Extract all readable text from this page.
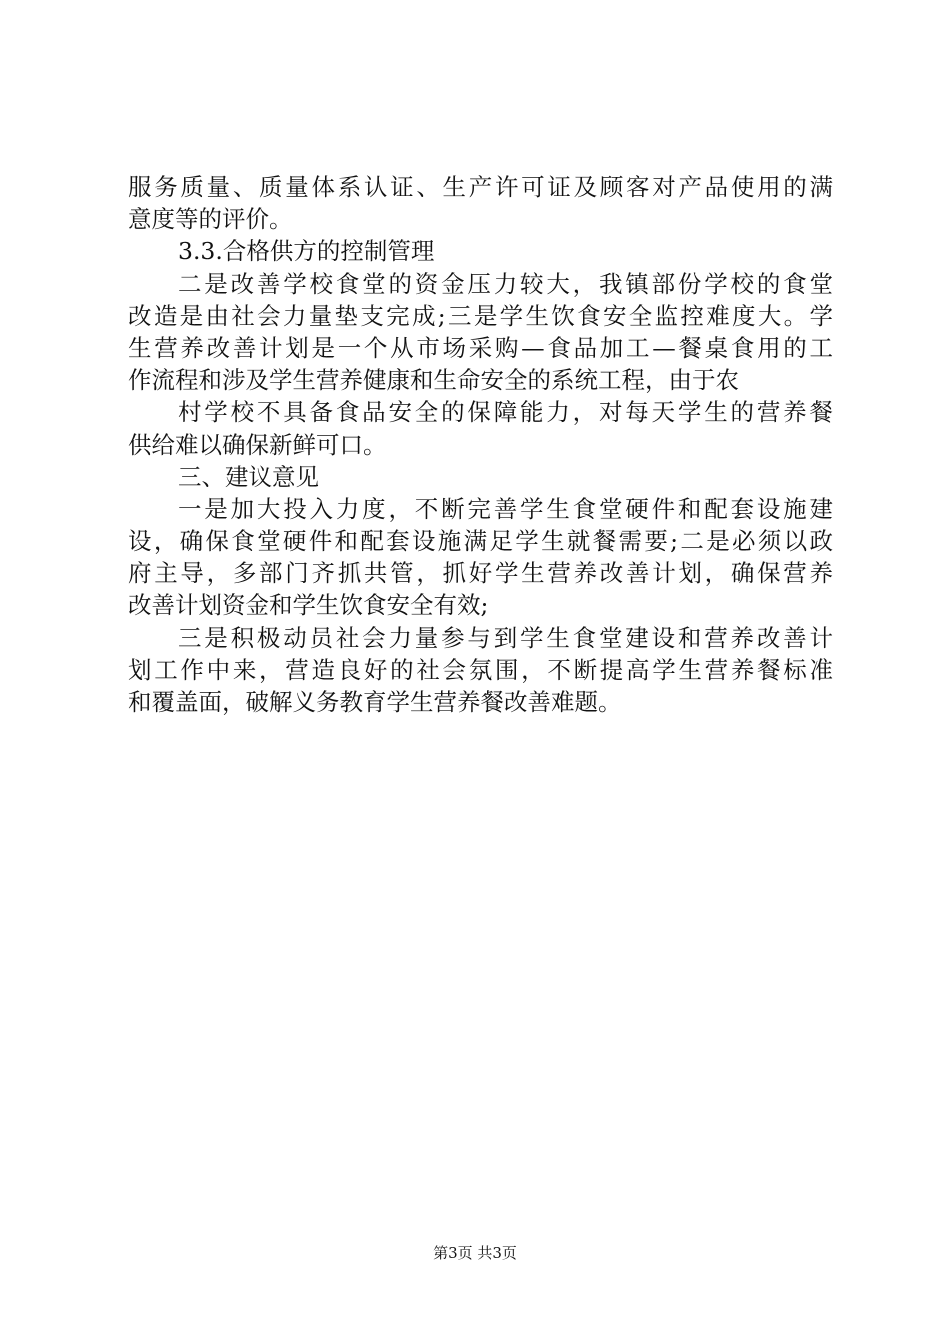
服务质量、质量体系认证、生产许可证及顾客对产品使用的满
意度等的评价。
3.3.合格供方的控制管理
二是改善学校食堂的资金压力较大，我镇部份学校的食堂
改造是由社会力量垫支完成;三是学生饮食安全监控难度大。学
生营养改善计划是一个从市场采购—食品加工—餐桌食用的工
作流程和涉及学生营养健康和生命安全的系统工程，由于农
村学校不具备食品安全的保障能力，对每天学生的营养餐
供给难以确保新鲜可口。
三、建议意见
一是加大投入力度，不断完善学生食堂硬件和配套设施建
设，确保食堂硬件和配套设施满足学生就餐需要;二是必须以政
府主导，多部门齐抓共管，抓好学生营养改善计划，确保营养
改善计划资金和学生饮食安全有效;
三是积极动员社会力量参与到学生食堂建设和营养改善计
划工作中来，营造良好的社会氛围，不断提高学生营养餐标准
和覆盖面，破解义务教育学生营养餐改善难题。
第3页 共3页
